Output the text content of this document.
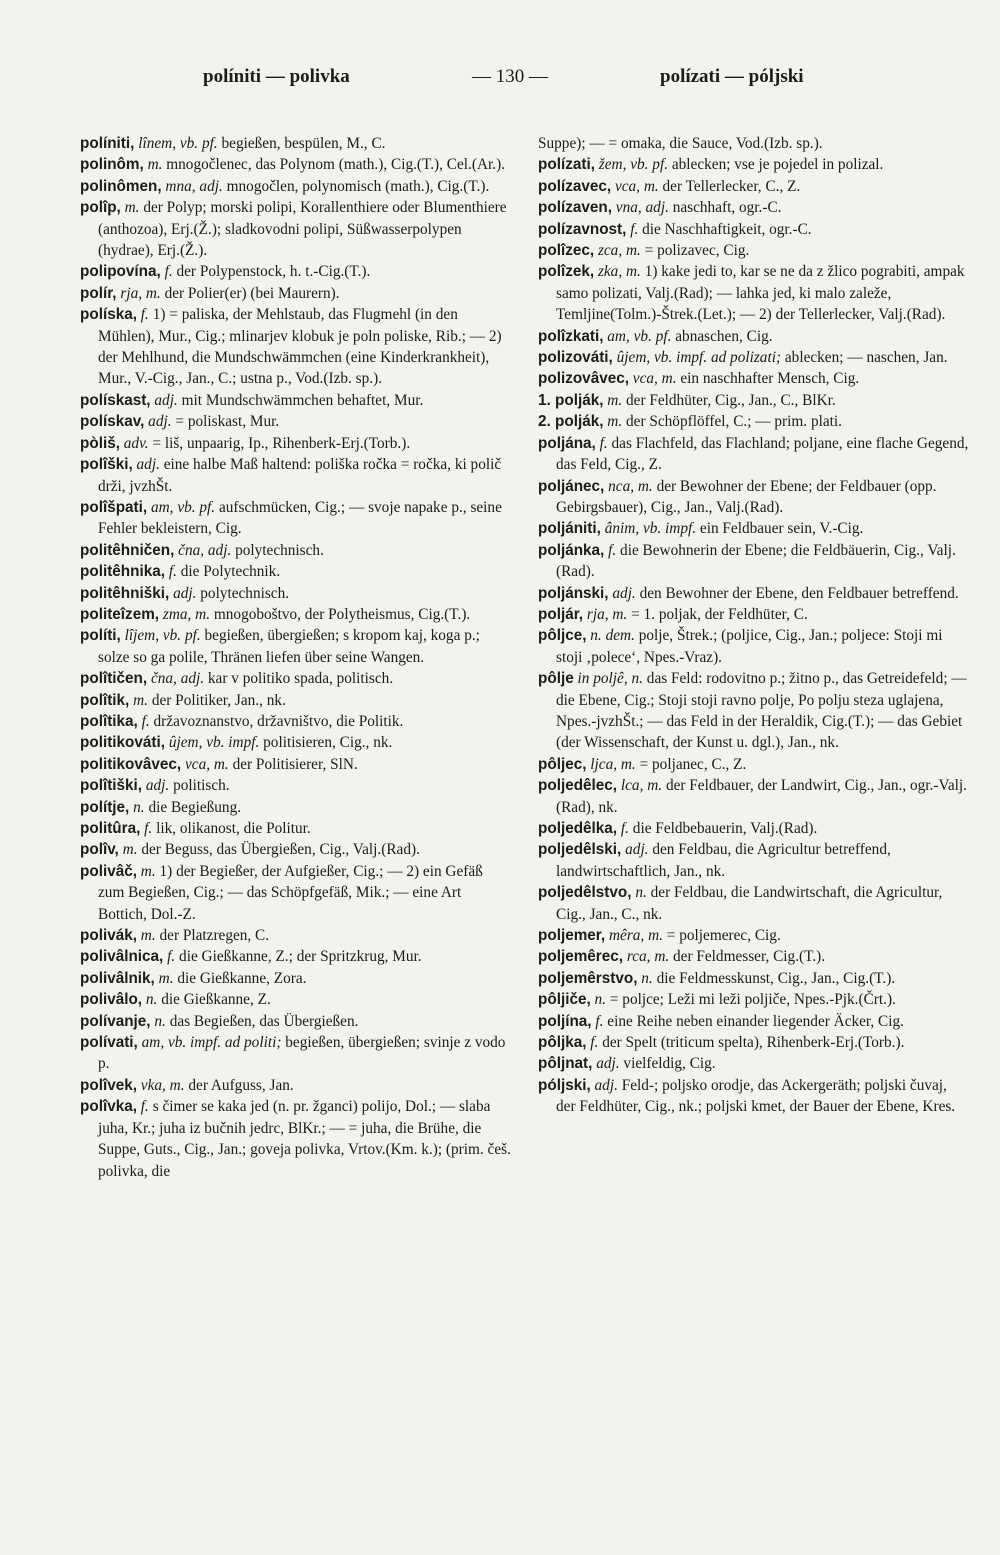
políniti — polivka	— 130 —	polízati — póljski

políniti, lînem, vb. pf. begießen, bespülen, M., C.

polinôm, m. mnogočlenec, das Polynom (math.), Cig.(T.), Cel.(Ar.).

polinômen, mna, adj. mnogočlen, polynomisch (math.), Cig.(T.).

polîp, m. der Polyp; morski polipi, Korallenthiere oder Blumenthiere (anthozoa), Erj.(Ž.); sladkovodni polipi, Süßwasserpolypen (hydrae), Erj.(Ž.).

polipovína, f. der Polypenstock, h. t.-Cig.(T.).

polír, rja, m. der Polier(er) (bei Maurern).

políska, f. 1) = paliska, der Mehlstaub, das Flugmehl (in den Mühlen), Mur., Cig.; mlinarjev klobuk je poln poliske, Rib.; — 2) der Mehlhund, die Mundschwämmchen (eine Kinderkrankheit), Mur., V.-Cig., Jan., C.; ustna p., Vod.(Izb. sp.).

polískast, adj. mit Mundschwämmchen behaftet, Mur.

polískav, adj. = poliskast, Mur.

pòliš, adv. = liš, unpaarig, Ip., Rihenberk-Erj.(Torb.).

polîški, adj. eine halbe Maß haltend: poliška ročka = ročka, ki polič drži, jvzhŠt.

polîšpati, am, vb. pf. aufschmücken, Cig.; — svoje napake p., seine Fehler bekleistern, Cig.

politêhničen, čna, adj. polytechnisch.

politêhnika, f. die Polytechnik.

politêhniški, adj. polytechnisch.

politeîzem, zma, m. mnogoboštvo, der Polytheismus, Cig.(T.).

políti, lîjem, vb. pf. begießen, übergießen; s kropom kaj, koga p.; solze so ga polile, Thränen liefen über seine Wangen.

polîtičen, čna, adj. kar v politiko spada, politisch.

polîtik, m. der Politiker, Jan., nk.

polîtika, f. državoznanstvo, državništvo, die Politik.

politikováti, ûjem, vb. impf. politisieren, Cig., nk.

politikovâvec, vca, m. der Politisierer, SlN.

polîtiški, adj. politisch.

polítje, n. die Begießung.

politûra, f. lik, olikanost, die Politur.

polîv, m. der Beguss, das Übergießen, Cig., Valj.(Rad).

polivâč, m. 1) der Begießer, der Aufgießer, Cig.; — 2) ein Gefäß zum Begießen, Cig.; — das Schöpfgefäß, Mik.; — eine Art Bottich, Dol.-Z.

polivák, m. der Platzregen, C.

polivâlnica, f. die Gießkanne, Z.; der Spritzkrug, Mur.

polivâlnik, m. die Gießkanne, Zora.

polivâlo, n. die Gießkanne, Z.

polívanje, n. das Begießen, das Übergießen.

polívati, am, vb. impf. ad politi; begießen, übergießen; svinje z vodo p.

polîvek, vka, m. der Aufguss, Jan.

polîvka, f. s čimer se kaka jed (n. pr. žganci) polijo, Dol.; — slaba juha, Kr.; juha iz bučnih jedrc, BlKr.; — = juha, die Brühe, die Suppe, Guts., Cig., Jan.; goveja polivka, Vrtov.(Km. k.); (prim. češ. polivka, die

Suppe); — = omaka, die Sauce, Vod.(Izb. sp.).

polízati, žem, vb. pf. ablecken; vse je pojedel in polizal.

polízavec, vca, m. der Tellerlecker, C., Z.

polízaven, vna, adj. naschhaft, ogr.-C.

polízavnost, f. die Naschhaftigkeit, ogr.-C.

polîzec, zca, m. = polizavec, Cig.

polîzek, zka, m. 1) kake jedi to, kar se ne da z žlico pograbiti, ampak samo polizati, Valj.(Rad); — lahka jed, ki malo zaleže, Temljine(Tolm.)-Štrek.(Let.); — 2) der Tellerlecker, Valj.(Rad).

polîzkati, am, vb. pf. abnaschen, Cig.

polizováti, ûjem, vb. impf. ad polizati; ablecken; — naschen, Jan.

polizovâvec, vca, m. ein naschhafter Mensch, Cig.

1. polják, m. der Feldhüter, Cig., Jan., C., BlKr.

2. polják, m. der Schöpflöffel, C.; — prim. plati.

poljána, f. das Flachfeld, das Flachland; poljane, eine flache Gegend, das Feld, Cig., Z.

poljánec, nca, m. der Bewohner der Ebene; der Feldbauer (opp. Gebirgsbauer), Cig., Jan., Valj.(Rad).

poljániti, ânim, vb. impf. ein Feldbauer sein, V.-Cig.

poljánka, f. die Bewohnerin der Ebene; die Feldbäuerin, Cig., Valj.(Rad).

poljánski, adj. den Bewohner der Ebene, den Feldbauer betreffend.

poljár, rja, m. = 1. poljak, der Feldhüter, C.

pôljce, n. dem. polje, Štrek.; (poljice, Cig., Jan.; poljece: Stoji mi stoji ‚polece‘, Npes.-Vraz).

pôlje in poljê, n. das Feld: rodovitno p.; žitno p., das Getreidefeld; — die Ebene, Cig.; Stoji stoji ravno polje, Po polju steza uglajena, Npes.-jvzhŠt.; — das Feld in der Heraldik, Cig.(T.); — das Gebiet (der Wissenschaft, der Kunst u. dgl.), Jan., nk.

pôljec, ljca, m. = poljanec, C., Z.

poljedêlec, lca, m. der Feldbauer, der Landwirt, Cig., Jan., ogr.-Valj.(Rad), nk.

poljedêlka, f. die Feldbebauerin, Valj.(Rad).

poljedêlski, adj. den Feldbau, die Agricultur betreffend, landwirtschaftlich, Jan., nk.

poljedêlstvo, n. der Feldbau, die Landwirtschaft, die Agricultur, Cig., Jan., C., nk.

poljemer, mêra, m. = poljemerec, Cig.

poljemêrec, rca, m. der Feldmesser, Cig.(T.).

poljemêrstvo, n. die Feldmesskunst, Cig., Jan., Cig.(T.).

pôljiče, n. = poljce; Leži mi leži poljiče, Npes.-Pjk.(Črt.).

poljína, f. eine Reihe neben einander liegender Äcker, Cig.

pôljka, f. der Spelt (triticum spelta), Rihenberk-Erj.(Torb.).

pôljnat, adj. vielfeldig, Cig.

póljski, adj. Feld-; poljsko orodje, das Ackergeräth; poljski čuvaj, der Feldhüter, Cig., nk.; poljski kmet, der Bauer der Ebene, Kres.
